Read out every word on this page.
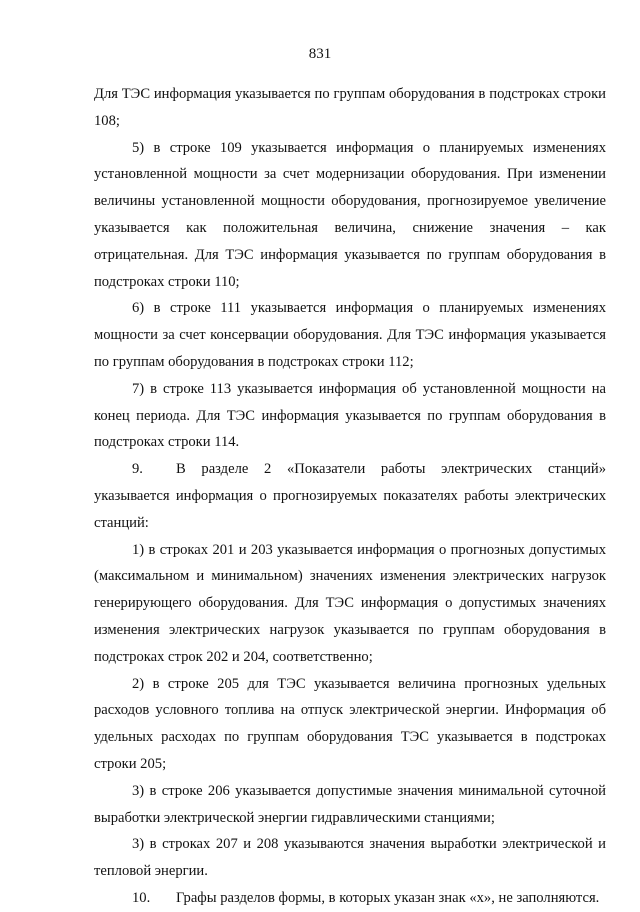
831

Для ТЭС информация указывается по группам оборудования в подстроках строки 108;

5) в строке 109 указывается информация о планируемых изменениях установленной мощности за счет модернизации оборудования. При изменении величины установленной мощности оборудования, прогнозируемое увеличение указывается как положительная величина, снижение значения – как отрицательная. Для ТЭС информация указывается по группам оборудования в подстроках строки 110;

6) в строке 111 указывается информация о планируемых изменениях мощности за счет консервации оборудования. Для ТЭС информация указывается по группам оборудования в подстроках строки 112;

7) в строке 113 указывается информация об установленной мощности на конец периода. Для ТЭС информация указывается по группам оборудования в подстроках строки 114.

9. В разделе 2 «Показатели работы электрических станций» указывается информация о прогнозируемых показателях работы электрических станций:

1) в строках 201 и 203 указывается информация о прогнозных допустимых (максимальном и минимальном) значениях изменения электрических нагрузок генерирующего оборудования. Для ТЭС информация о допустимых значениях изменения электрических нагрузок указывается по группам оборудования в подстроках строк 202 и 204, соответственно;

2) в строке 205 для ТЭС указывается величина прогнозных удельных расходов условного топлива на отпуск электрической энергии. Информация об удельных расходах по группам оборудования ТЭС указывается в подстроках строки 205;

3) в строке 206 указывается допустимые значения минимальной суточной выработки электрической энергии гидравлическими станциями;

3) в строках 207 и 208 указываются значения выработки электрической и тепловой энергии.

10. Графы разделов формы, в которых указан знак «х», не заполняются.
